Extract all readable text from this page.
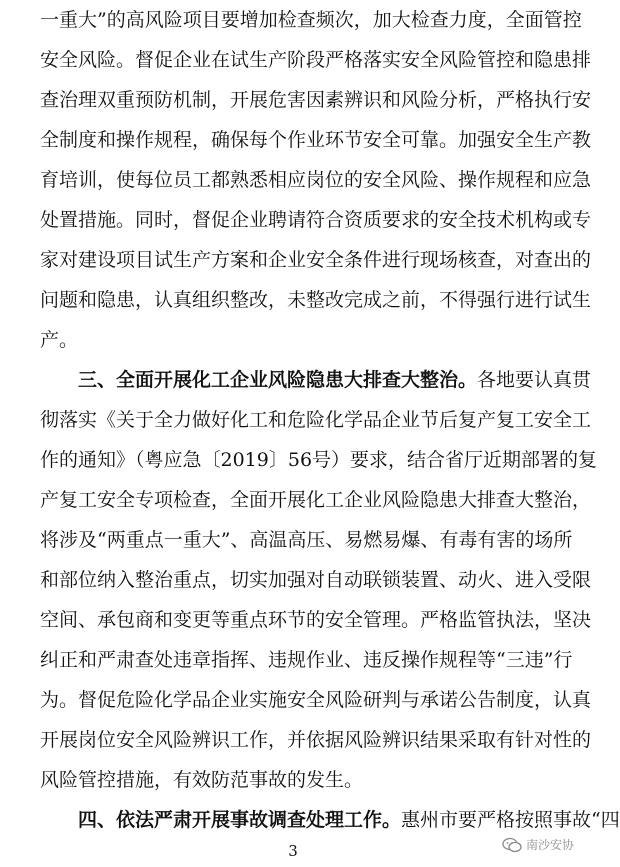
一重大”的高风险项目要增加检查频次，加大检查力度，全面管控
安全风险。督促企业在试生产阶段严格落实安全风险管控和隐患排
查治理双重预防机制，开展危害因素辨识和风险分析，严格执行安
全制度和操作规程，确保每个作业环节安全可靠。加强安全生产教
育培训，使每位员工都熟悉相应岗位的安全风险、操作规程和应急
处置措施。同时，督促企业聘请符合资质要求的安全技术机构或专
家对建设项目试生产方案和企业安全条件进行现场核查，对查出的
问题和隐患，认真组织整改，未整改完成之前，不得强行进行试生
产。
三、全面开展化工企业风险隐患大排查大整治。各地要认真贯
彻落实《关于全力做好化工和危险化学品企业节后复产复工安全工
作的通知》（粤应急〔2019〕56号）要求，结合省厅近期部署的复
产复工安全专项检查，全面开展化工企业风险隐患大排查大整治，
将涉及“两重点一重大”、高温高压、易燃易爆、有毒有害的场所
和部位纳入整治重点，切实加强对自动联锁装置、动火、进入受限
空间、承包商和变更等重点环节的安全管理。严格监管执法，坚决
纠正和严肃查处违章指挥、违规作业、违反操作规程等“三违”行
为。督促危险化学品企业实施安全风险研判与承诺公告制度，认真
开展岗位安全风险辨识工作，并依据风险辨识结果采取有针对性的
风险管控措施，有效防范事故的发生。
四、依法严肃开展事故调查处理工作。惠州市要严格按照事故“四
3	南沙安协
